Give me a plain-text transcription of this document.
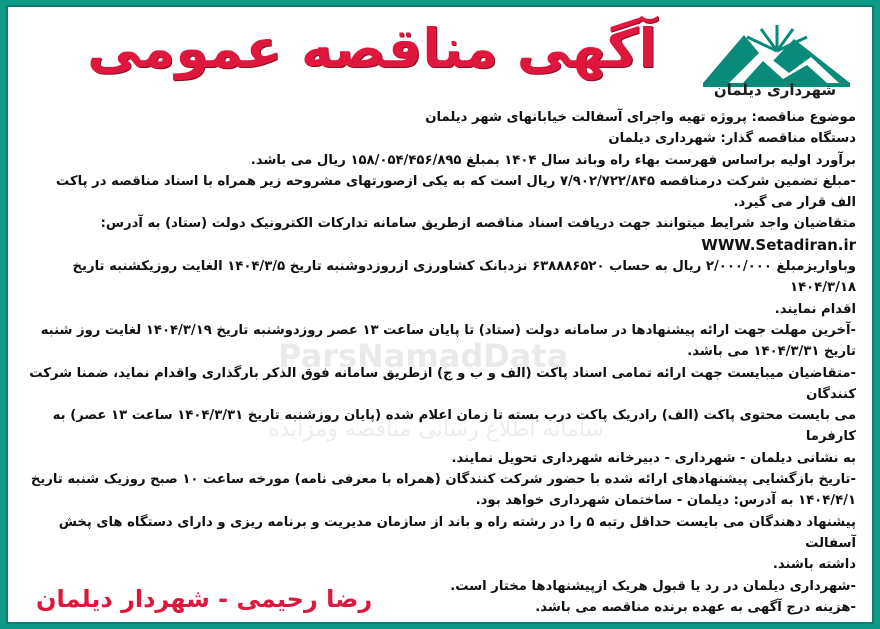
آگهی مناقصه عمومی
شهرداری دیلمان
ParsNamadData
سامانه اطلاع رسانی مناقصه ومزایده

موضوع مناقصه: پروژه تهیه واجرای آسفالت خیابانهای شهر دیلمان

دستگاه مناقصه گذار: شهرداری دیلمان

برآورد اولیه براساس فهرست بهاء راه وباند سال ۱۴۰۴ بمبلغ ۱۵۸/۰۵۴/۴۵۶/۸۹۵ ریال می باشد.

-مبلغ تضمین شرکت درمناقصه ۷/۹۰۲/۷۲۲/۸۴۵ ریال است که به یکی ازصورتهای مشروحه زیر همراه با اسناد مناقصه در پاکت

الف قرار می گیرد.

متقاضیان واجد شرایط میتوانند جهت دریافت اسناد مناقصه ازطریق سامانه تدارکات الکترونیک دولت (ستاد) به آدرس:

WWW.Setadiran.ir

وباواریزمبلغ ۲/۰۰۰/۰۰۰ ریال به حساب ۶۳۸۸۸۶۵۲۰ نزدبانک کشاورزی ازروزدوشنبه تاریخ ۱۴۰۴/۳/۵ الغایت روزیکشنبه تاریخ ۱۴۰۴/۳/۱۸

اقدام نمایند.

-آخرین مهلت جهت ارائه پیشنهادها در سامانه دولت (ستاد) تا پایان ساعت ۱۳ عصر روزدوشنبه تاریخ ۱۴۰۴/۳/۱۹ لغایت روز شنبه

تاریخ ۱۴۰۴/۳/۳۱ می باشد.

-متقاضیان میبایست جهت ارائه تمامی اسناد پاکت (الف و ب و ج) ازطریق سامانه فوق الذکر بارگذاری واقدام نماید، ضمنا شرکت کنندگان

می بایست محتوی پاکت (الف) رادریک پاکت درب بسته تا زمان اعلام شده (پایان روزشنبه تاریخ ۱۴۰۴/۳/۳۱ ساعت ۱۳ عصر) به کارفرما

به نشانی دیلمان - شهرداری - دبیرخانه شهرداری تحویل نمایند.

-تاریخ بازگشایی پیشنهادهای ارائه شده با حضور شرکت کنندگان (همراه با معرفی نامه) مورخه ساعت ۱۰ صبح روزیک شنبه تاریخ

۱۴۰۴/۴/۱ به آدرس: دیلمان - ساختمان شهرداری خواهد بود.

پیشنهاد دهندگان می بایست حداقل رتبه ۵ را در رشته راه و باند از سازمان مدیریت و برنامه ریزی و دارای دستگاه های پخش آسفالت

داشته باشند.

-شهرداری دیلمان در رد یا قبول هریک ازپیشنهادها مختار است.

-هزینه درج آگهی به عهده برنده مناقصه می باشد.

رضا رحیمی - شهردار دیلمان
